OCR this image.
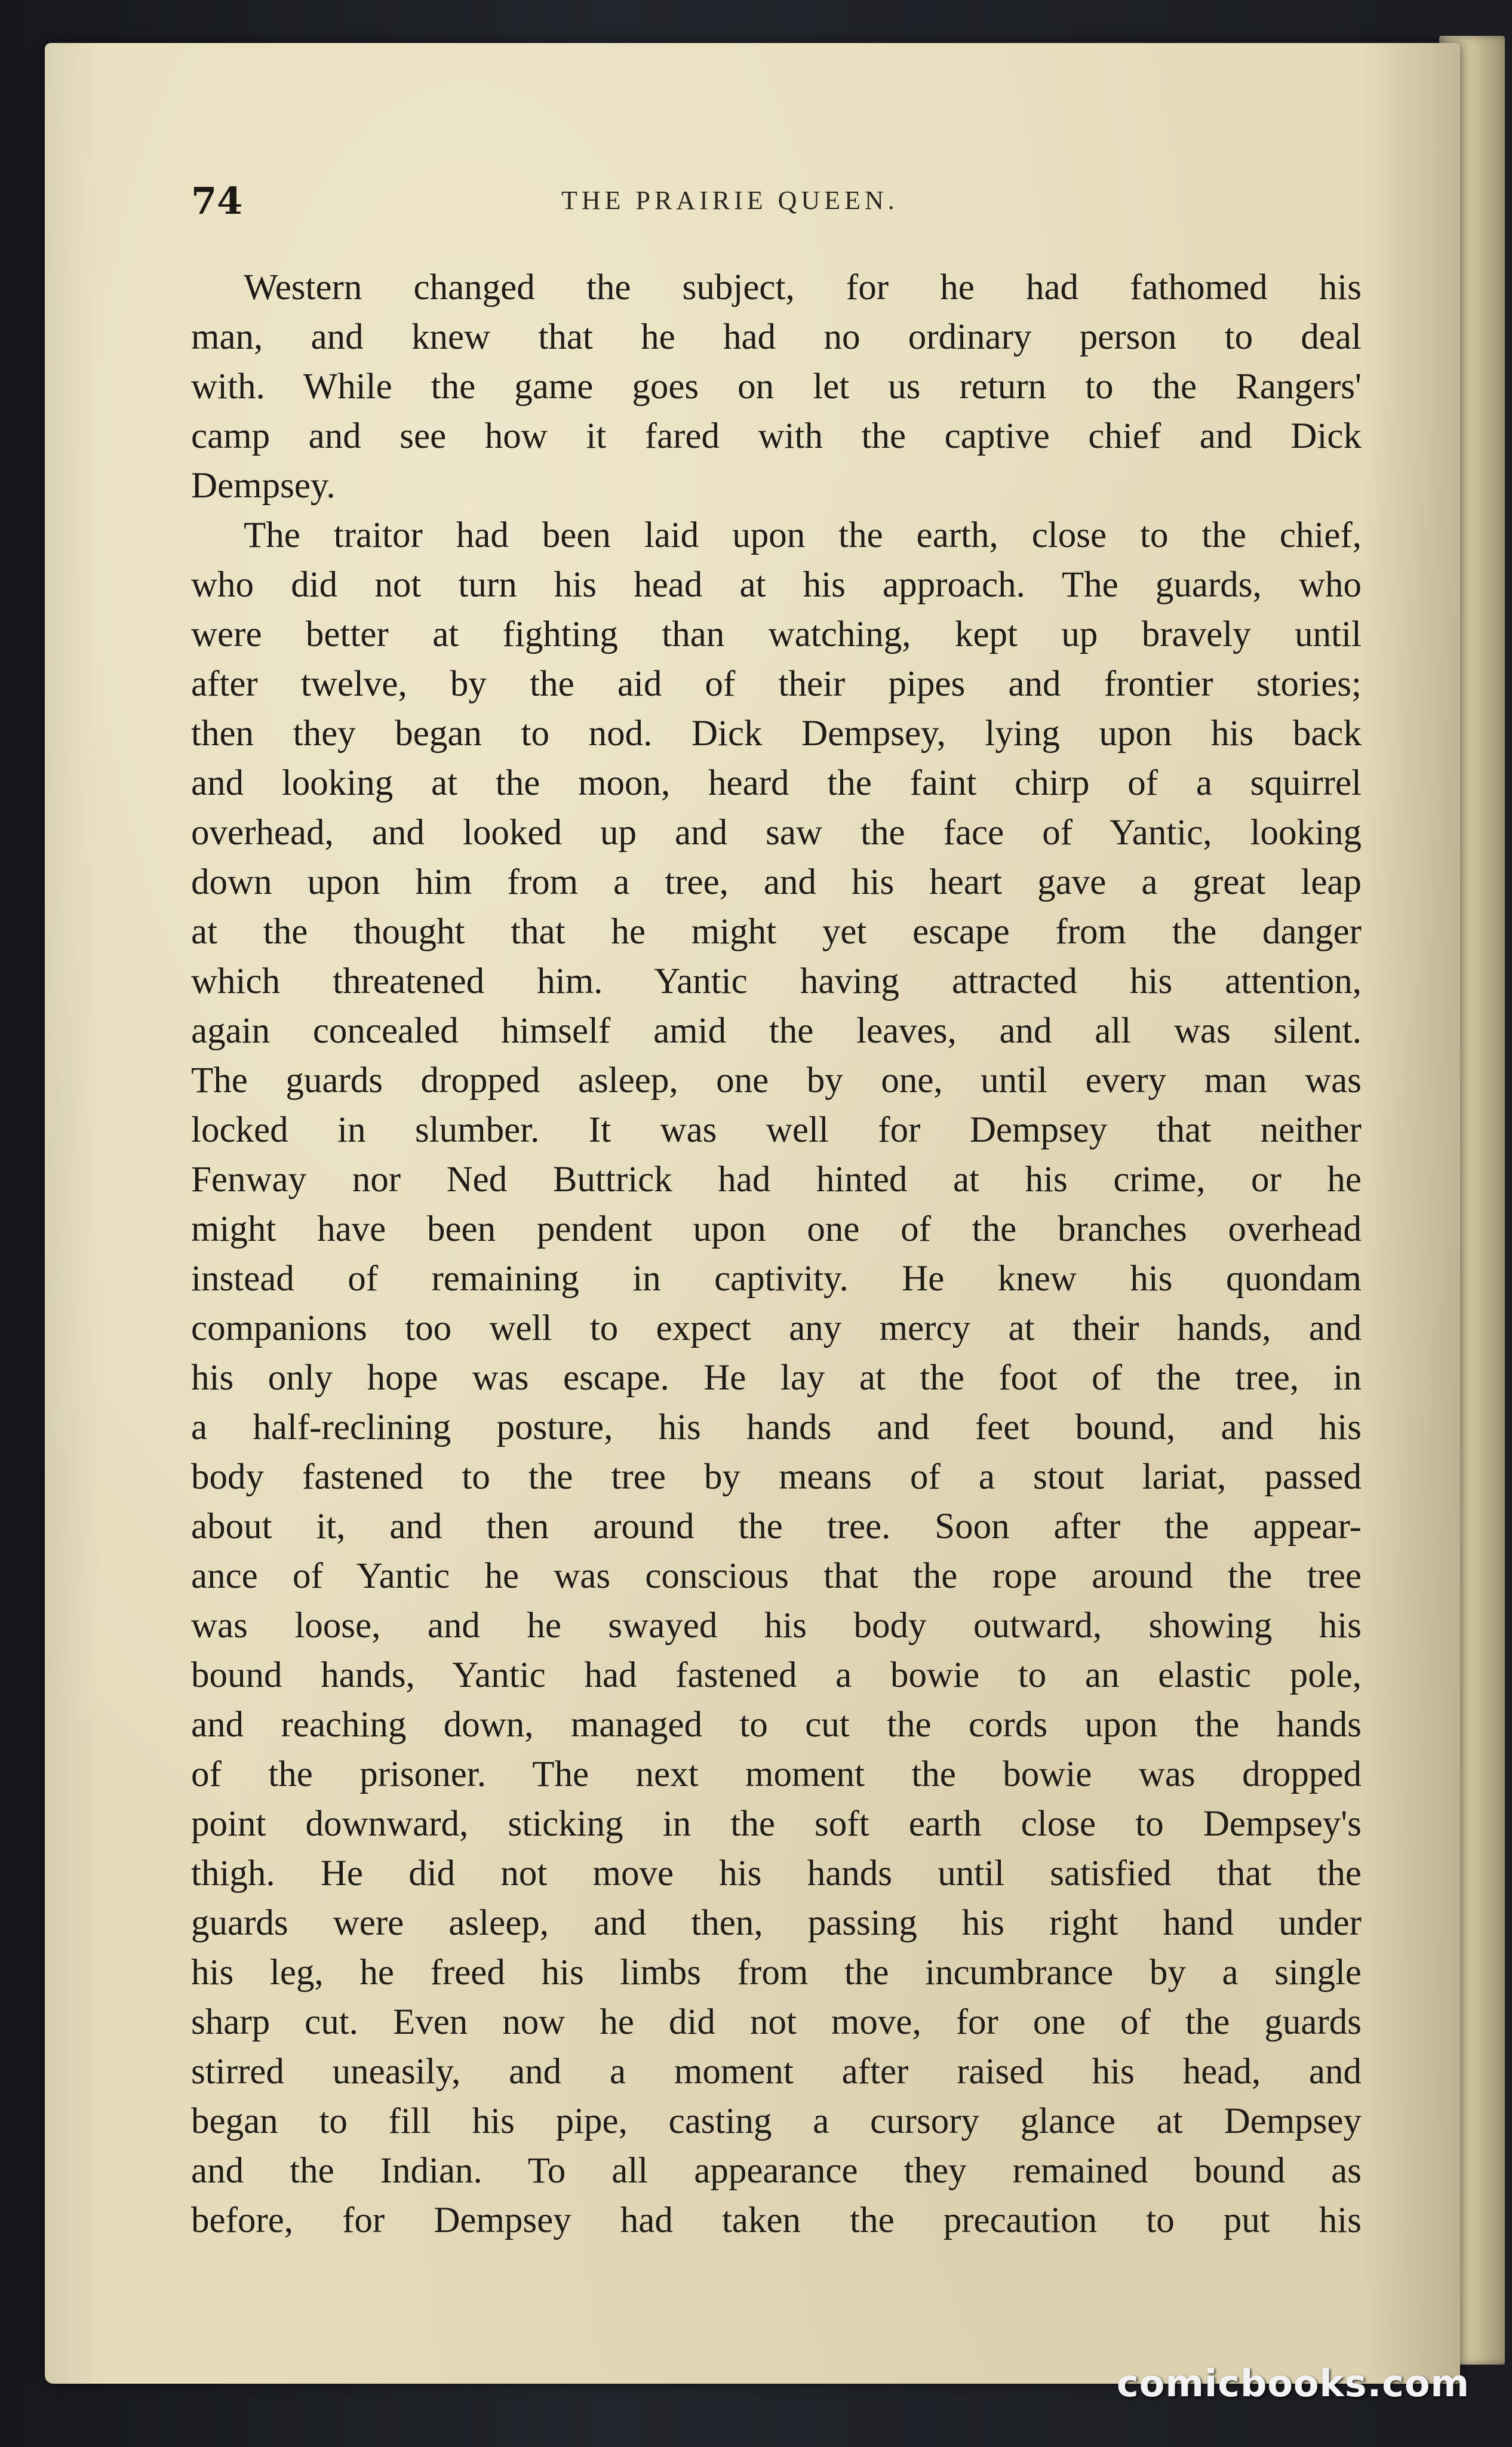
74	THE PRAIRIE QUEEN.
Western changed the subject, for he had fathomed his
man, and knew that he had no ordinary person to deal
with. While the game goes on let us return to the Rangers'
camp and see how it fared with the captive chief and Dick
Dempsey.
The traitor had been laid upon the earth, close to the chief,
who did not turn his head at his approach. The guards, who
were better at fighting than watching, kept up bravely until
after twelve, by the aid of their pipes and frontier stories;
then they began to nod. Dick Dempsey, lying upon his back
and looking at the moon, heard the faint chirp of a squirrel
overhead, and looked up and saw the face of Yantic, looking
down upon him from a tree, and his heart gave a great leap
at the thought that he might yet escape from the danger
which threatened him. Yantic having attracted his attention,
again concealed himself amid the leaves, and all was silent.
The guards dropped asleep, one by one, until every man was
locked in slumber. It was well for Dempsey that neither
Fenway nor Ned Buttrick had hinted at his crime, or he
might have been pendent upon one of the branches overhead
instead of remaining in captivity. He knew his quondam
companions too well to expect any mercy at their hands, and
his only hope was escape. He lay at the foot of the tree, in
a half-reclining posture, his hands and feet bound, and his
body fastened to the tree by means of a stout lariat, passed
about it, and then around the tree. Soon after the appear-
ance of Yantic he was conscious that the rope around the tree
was loose, and he swayed his body outward, showing his
bound hands, Yantic had fastened a bowie to an elastic pole,
and reaching down, managed to cut the cords upon the hands
of the prisoner. The next moment the bowie was dropped
point downward, sticking in the soft earth close to Dempsey's
thigh. He did not move his hands until satisfied that the
guards were asleep, and then, passing his right hand under
his leg, he freed his limbs from the incumbrance by a single
sharp cut. Even now he did not move, for one of the guards
stirred uneasily, and a moment after raised his head, and
began to fill his pipe, casting a cursory glance at Dempsey
and the Indian. To all appearance they remained bound as
before, for Dempsey had taken the precaution to put his
comicbooks.com
